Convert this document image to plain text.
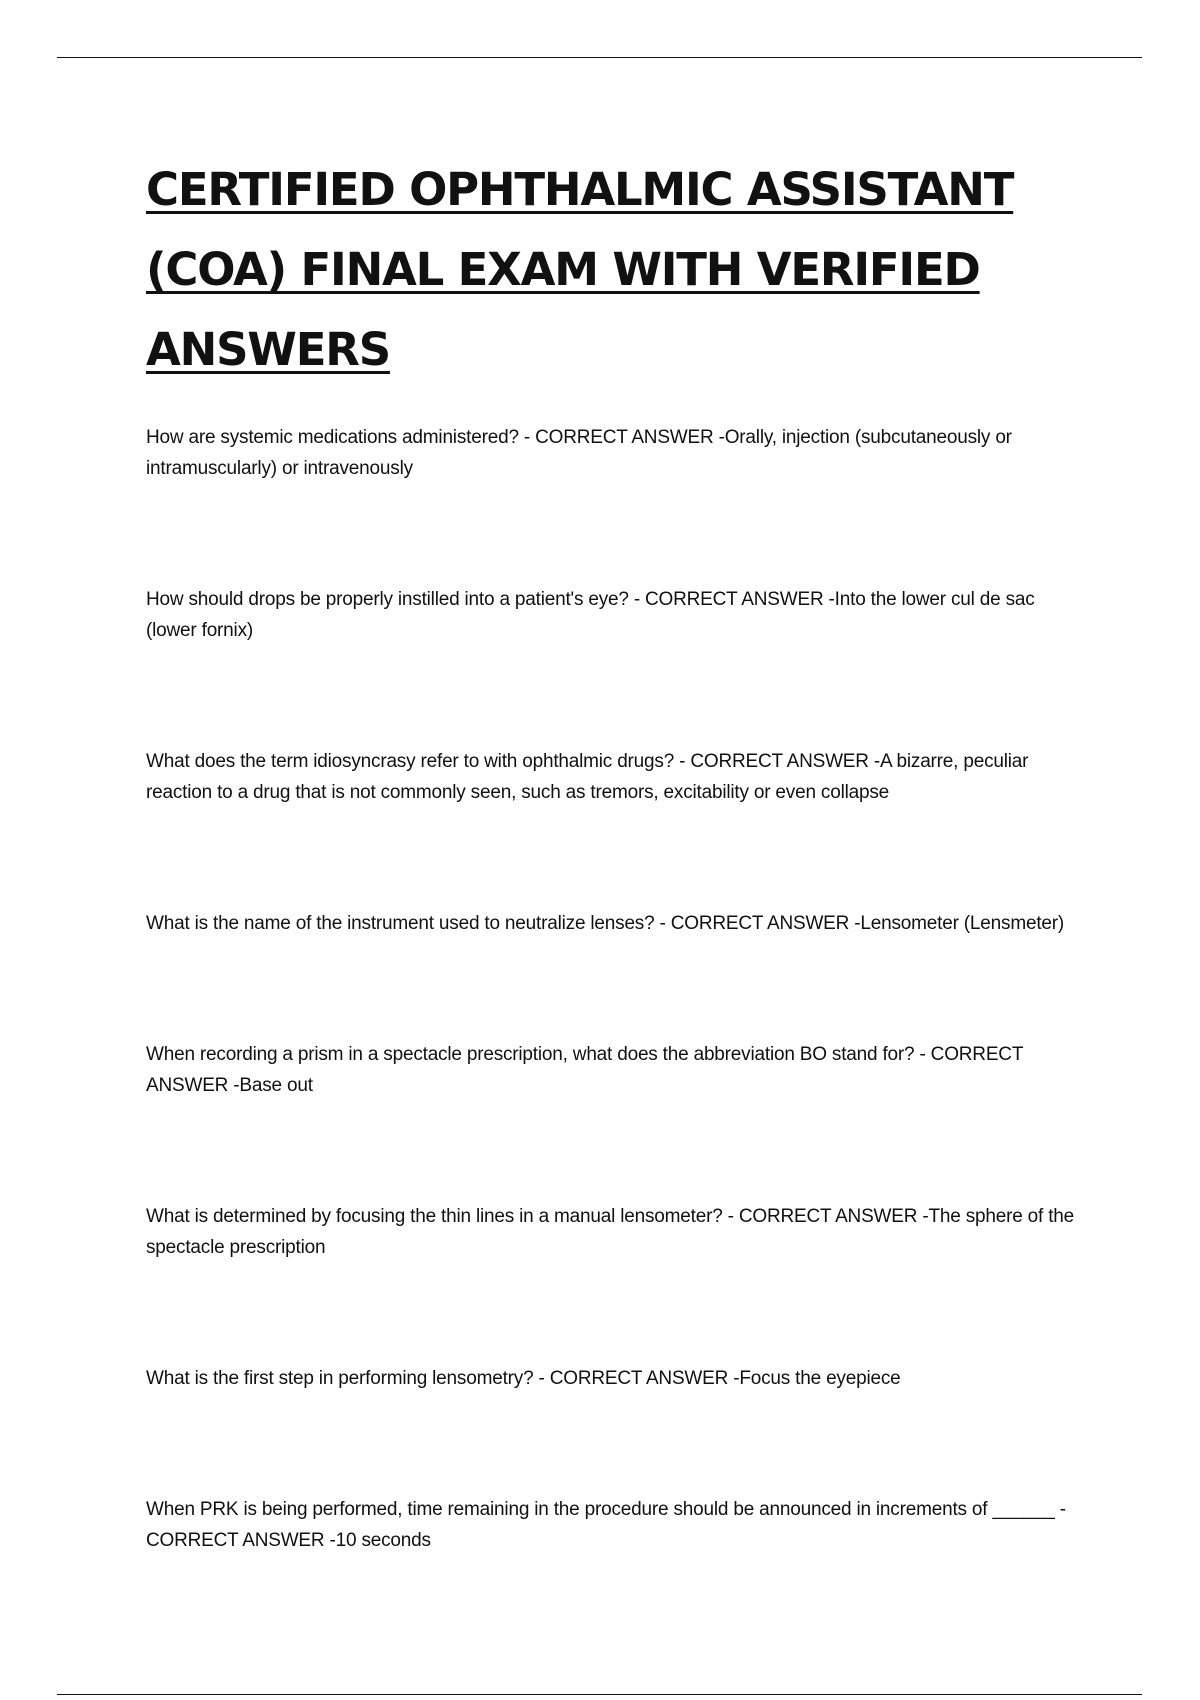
CERTIFIED OPHTHALMIC ASSISTANT
(COA) FINAL EXAM WITH VERIFIED
ANSWERS

How are systemic medications administered? - CORRECT ANSWER -Orally, injection (subcutaneously or intramuscularly) or intravenously

How should drops be properly instilled into a patient's eye? - CORRECT ANSWER -Into the lower cul de sac (lower fornix)

What does the term idiosyncrasy refer to with ophthalmic drugs? - CORRECT ANSWER -A bizarre, peculiar reaction to a drug that is not commonly seen, such as tremors, excitability or even collapse

What is the name of the instrument used to neutralize lenses? - CORRECT ANSWER -Lensometer (Lensmeter)

When recording a prism in a spectacle prescription, what does the abbreviation BO stand for? - CORRECT ANSWER -Base out

What is determined by focusing the thin lines in a manual lensometer? - CORRECT ANSWER -The sphere of the spectacle prescription

What is the first step in performing lensometry? - CORRECT ANSWER -Focus the eyepiece

When PRK is being performed, time remaining in the procedure should be announced in increments of ______ - CORRECT ANSWER -10 seconds
